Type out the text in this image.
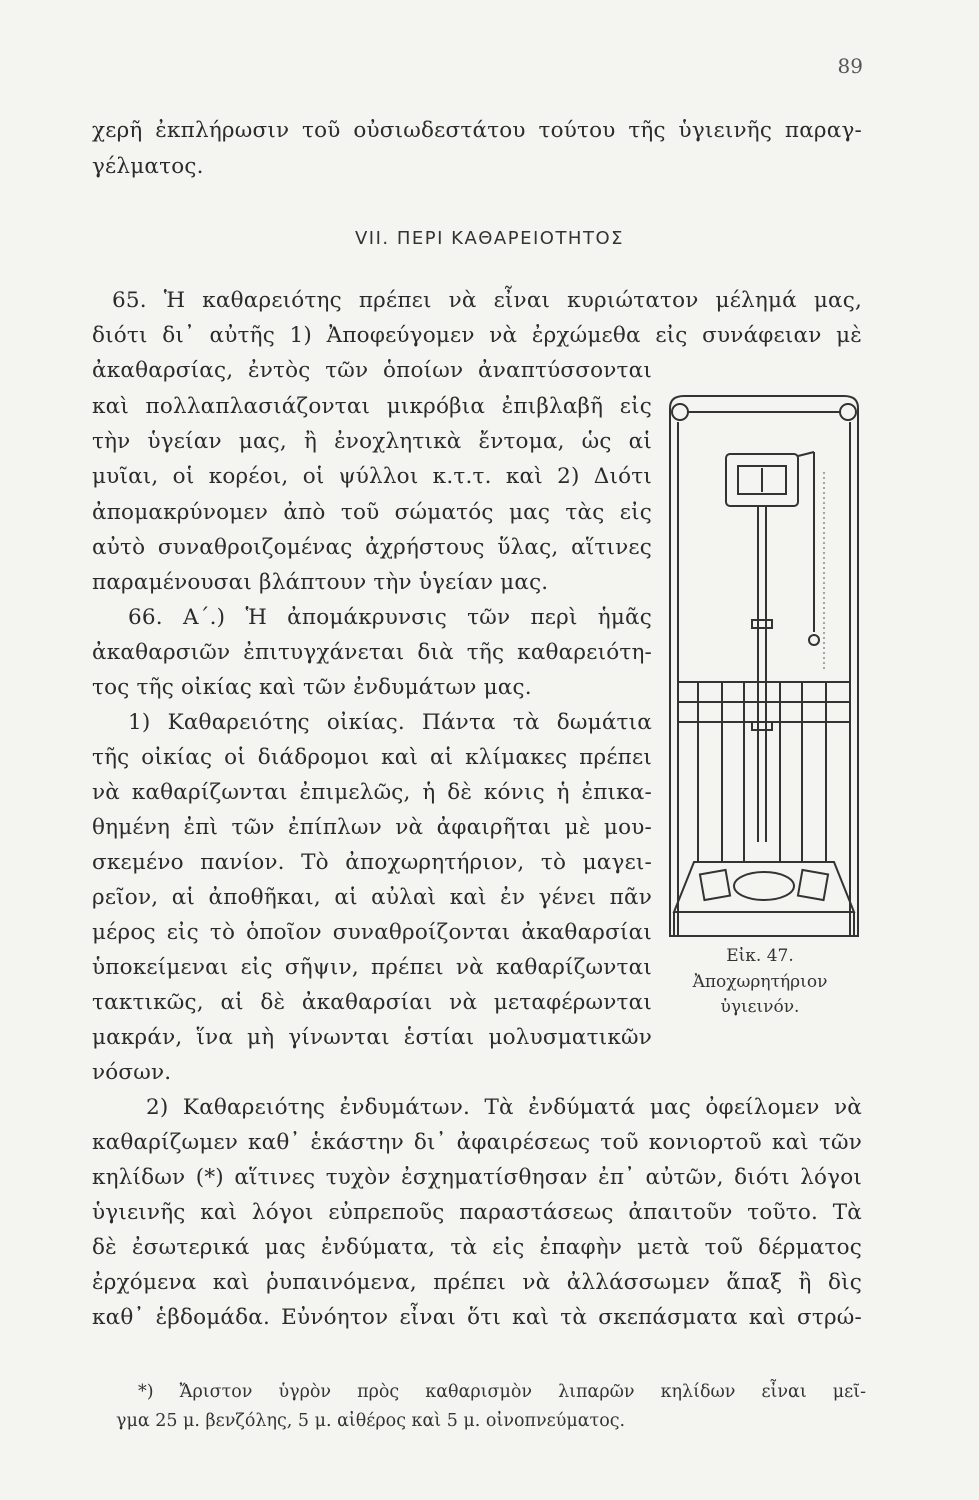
89
χερῆ ἐκπλήρωσιν τοῦ οὐσιωδεστάτου τούτου τῆς ὑγιεινῆς παραγ-
γέλματος.
VII. ΠΕΡΙ ΚΑΘΑΡΕΙΟΤΗΤΟΣ
65. Ἡ καθαρειότης πρέπει νὰ εἶναι κυριώτατον μέλημά μας,
διότι δι᾿ αὐτῆς 1) Ἀποφεύγομεν νὰ ἐρχώμεθα εἰς συνάφειαν μὲ
ἀκαθαρσίας, ἐντὸς τῶν ὁποίων ἀναπτύσσονται
καὶ πολλαπλασιάζονται μικρόβια ἐπιβλαβῆ εἰς
τὴν ὑγείαν μας, ἢ ἐνοχλητικὰ ἔντομα, ὡς αἱ
μυῖαι, οἱ κορέοι, οἱ ψύλλοι κ.τ.τ. καὶ 2) Διότι
ἀπομακρύνομεν ἀπὸ τοῦ σώματός μας τὰς εἰς
αὐτὸ συναθροιζομένας ἀχρήστους ὕλας, αἵτινες
παραμένουσαι βλάπτουν τὴν ὑγείαν μας.
66. Α΄.) Ἡ ἀπομάκρυνσις τῶν περὶ ἡμᾶς
ἀκαθαρσιῶν ἐπιτυγχάνεται διὰ τῆς καθαρειότη-
τος τῆς οἰκίας καὶ τῶν ἐνδυμάτων μας.
1) Καθαρειότης οἰκίας. Πάντα τὰ δωμάτια
τῆς οἰκίας οἱ διάδρομοι καὶ αἱ κλίμακες πρέπει
νὰ καθαρίζωνται ἐπιμελῶς, ἡ δὲ κόνις ἡ ἐπικα-
θημένη ἐπὶ τῶν ἐπίπλων νὰ ἀφαιρῆται μὲ μου-
σκεμένο πανίον. Τὸ ἀποχωρητήριον, τὸ μαγει-
ρεῖον, αἱ ἀποθῆκαι, αἱ αὐλαὶ καὶ ἐν γένει πᾶν
μέρος εἰς τὸ ὁποῖον συναθροίζονται ἀκαθαρσίαι
ὑποκείμεναι εἰς σῆψιν, πρέπει νὰ καθαρίζωνται
τακτικῶς, αἱ δὲ ἀκαθαρσίαι νὰ μεταφέρωνται
μακράν, ἵνα μὴ γίνωνται ἑστίαι μολυσματικῶν
νόσων.
Εἰκ. 47.
Ἀποχωρητήριον
ὑγιεινόν.
2) Καθαρειότης ἐνδυμάτων. Τὰ ἐνδύματά μας ὀφείλομεν νὰ
καθαρίζωμεν καθ᾿ ἑκάστην δι᾿ ἀφαιρέσεως τοῦ κονιορτοῦ καὶ τῶν
κηλίδων (*) αἵτινες τυχὸν ἐσχηματίσθησαν ἐπ᾿ αὐτῶν, διότι λόγοι
ὑγιεινῆς καὶ λόγοι εὐπρεποῦς παραστάσεως ἀπαιτοῦν τοῦτο. Τὰ
δὲ ἐσωτερικά μας ἐνδύματα, τὰ εἰς ἐπαφὴν μετὰ τοῦ δέρματος
ἐρχόμενα καὶ ῥυπαινόμενα, πρέπει νὰ ἀλλάσσωμεν ἅπαξ ἢ δὶς
καθ᾿ ἑβδομάδα. Εὐνόητον εἶναι ὅτι καὶ τὰ σκεπάσματα καὶ στρώ-
*) Ἄριστον ὑγρὸν πρὸς καθαρισμὸν λιπαρῶν κηλίδων εἶναι μεῖ-
γμα 25 μ. βενζόλης, 5 μ. αἰθέρος καὶ 5 μ. οἰνοπνεύματος.
